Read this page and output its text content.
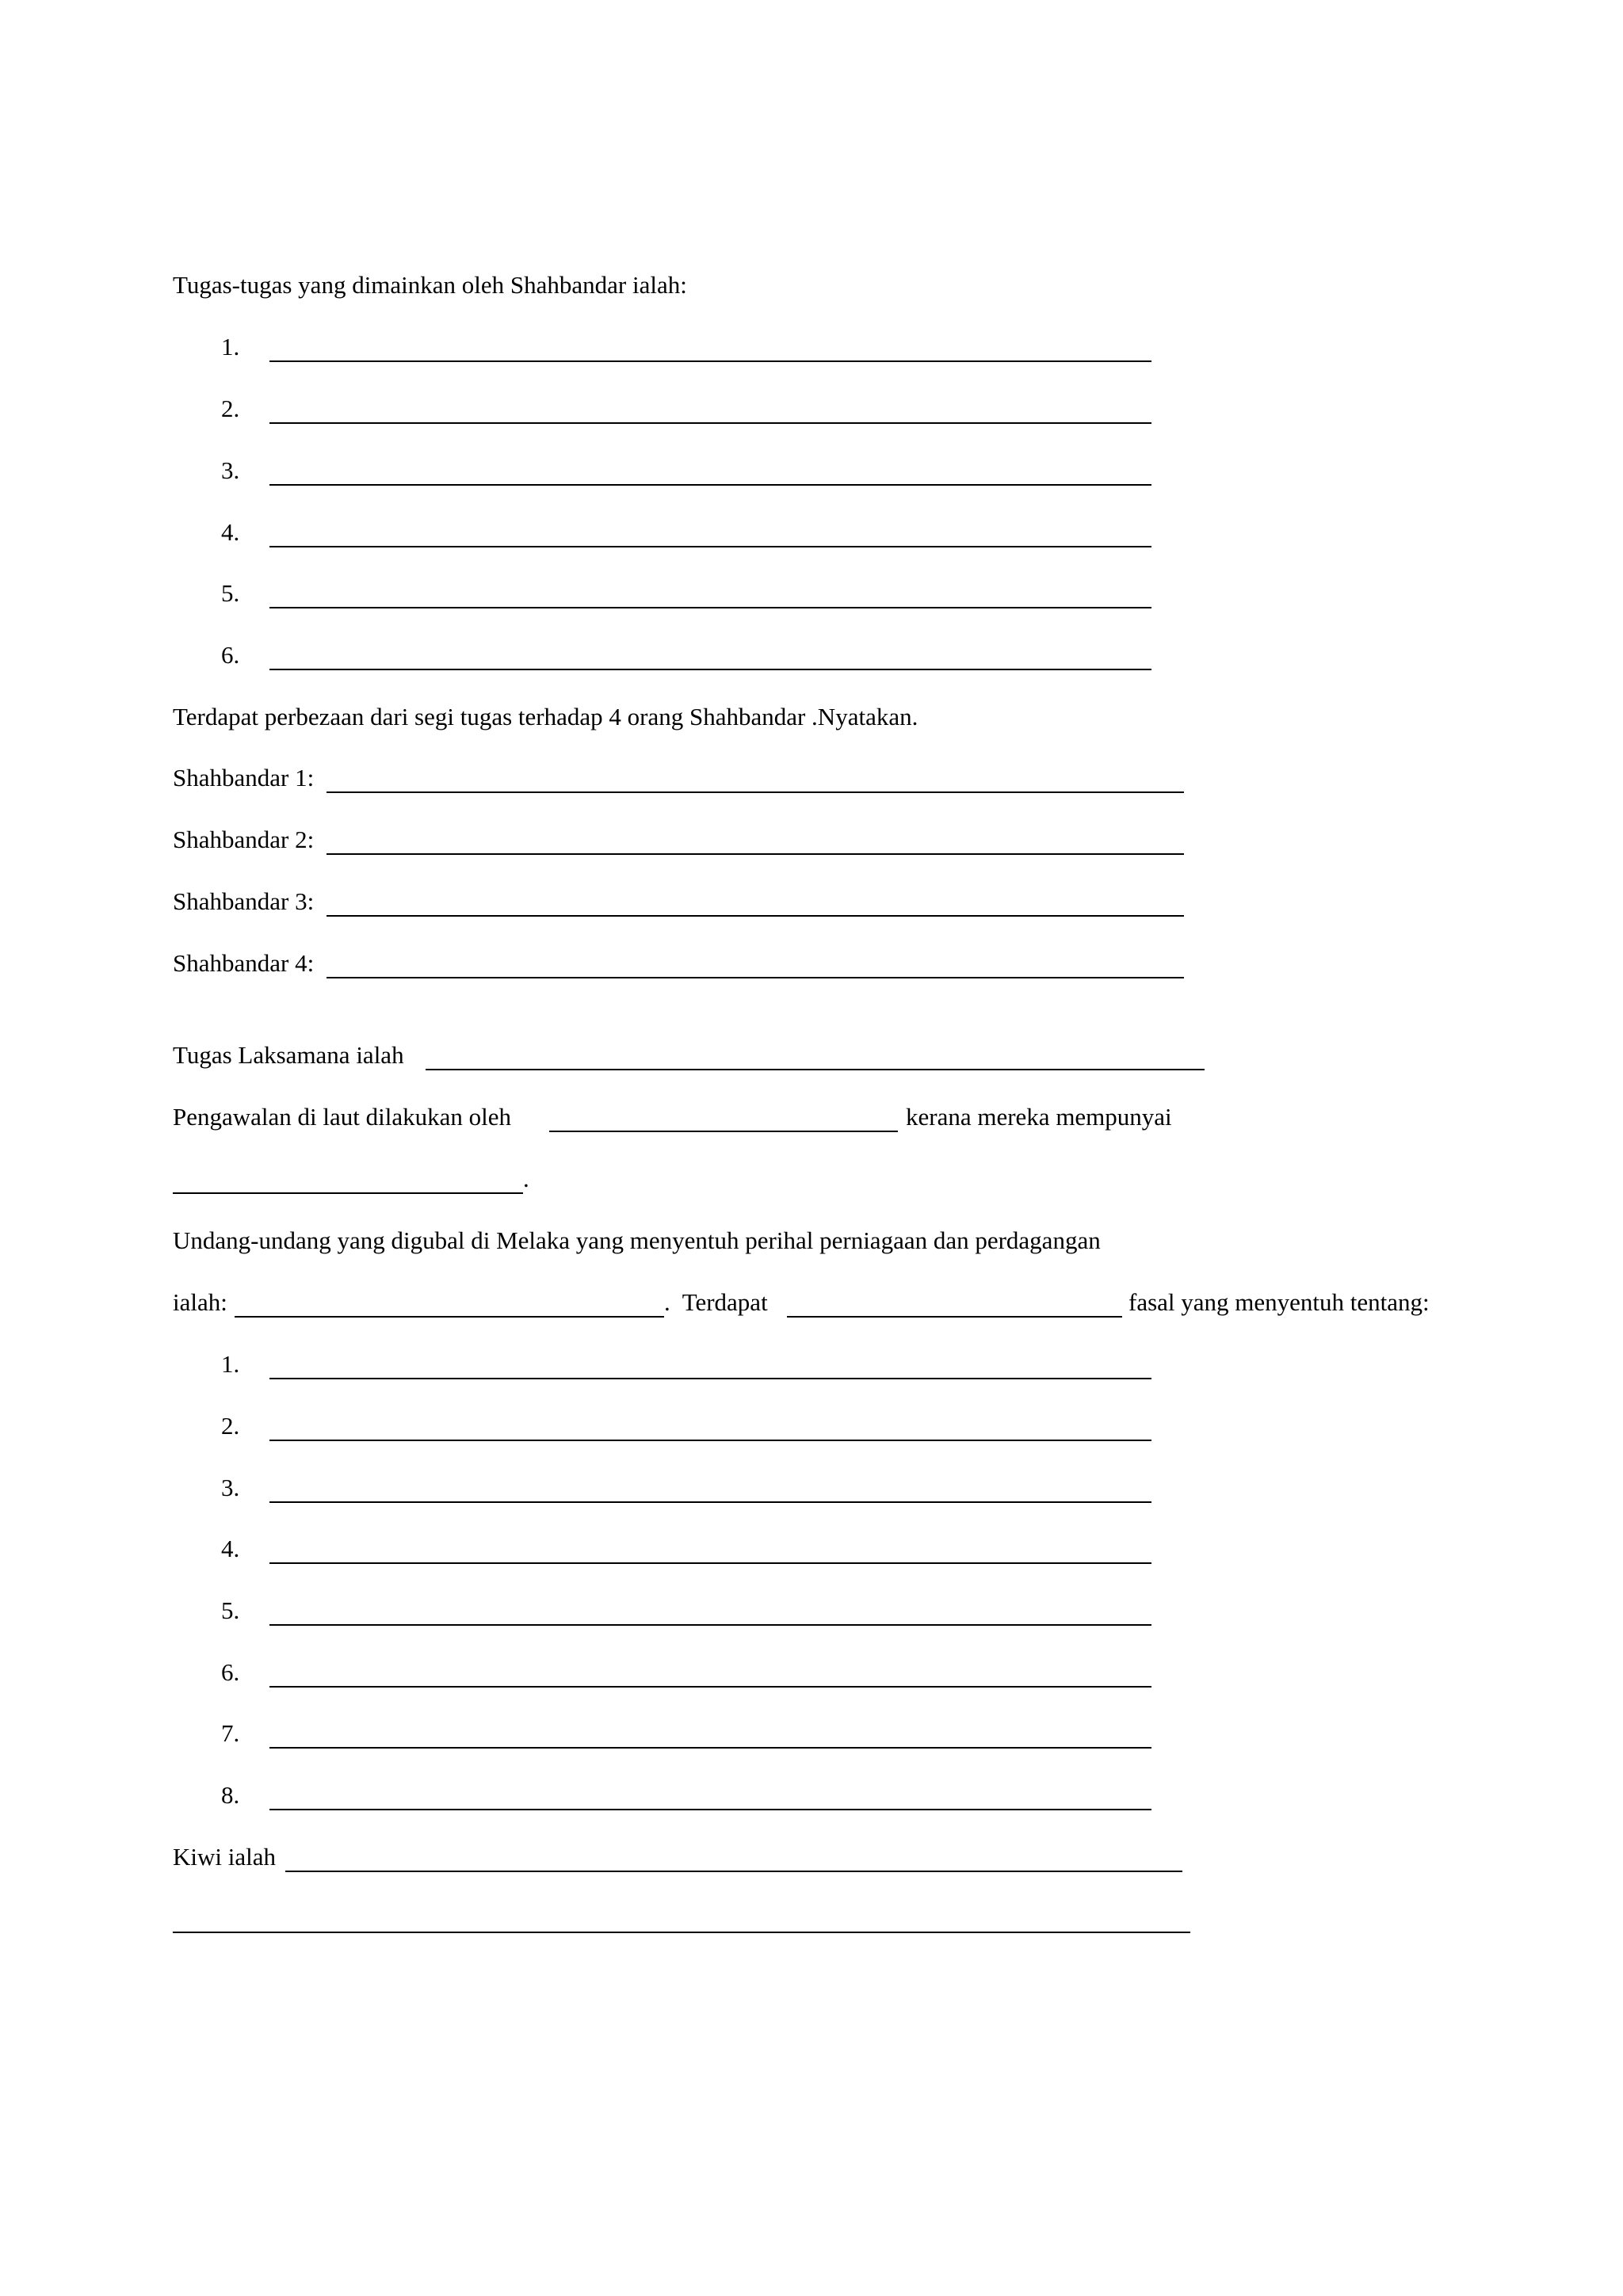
Tugas-tugas yang dimainkan oleh Shahbandar ialah:
1.
2.
3.
4.
5.
6.
Terdapat perbezaan dari segi tugas terhadap 4 orang Shahbandar .Nyatakan.
Shahbandar 1:
Shahbandar 2:
Shahbandar 3:
Shahbandar 4:
Tugas Laksamana ialah
Pengawalan di laut dilakukan oleh	kerana mereka mempunyai
.
Undang-undang yang digubal di Melaka yang menyentuh perihal perniagaan dan perdagangan
ialah:	.  Terdapat	fasal yang menyentuh tentang:
1.
2.
3.
4.
5.
6.
7.
8.
Kiwi ialah
